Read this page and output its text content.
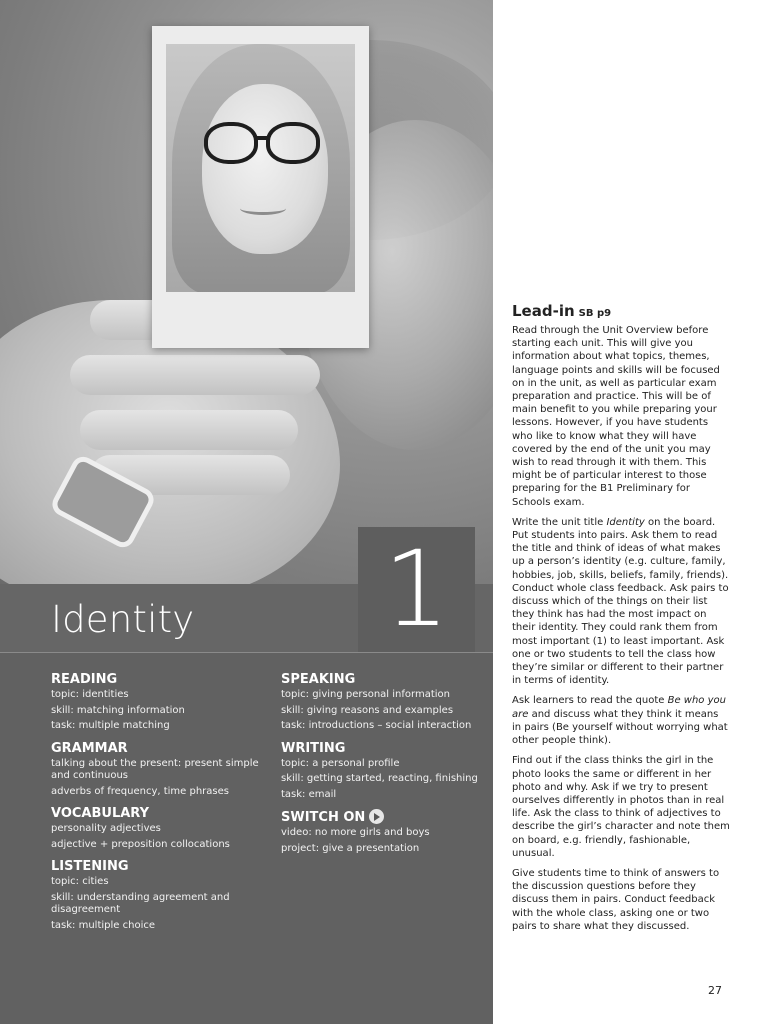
Identity 1
READING
topic: identities
skill: matching information
task: multiple matching
GRAMMAR
talking about the present: present simple and continuous
adverbs of frequency, time phrases
VOCABULARY
personality adjectives
adjective + preposition collocations
LISTENING
topic: cities
skill: understanding agreement and disagreement
task: multiple choice
SPEAKING
topic: giving personal information
skill: giving reasons and examples
task: introductions – social interaction
WRITING
topic: a personal profile
skill: getting started, reacting, finishing
task: email
SWITCH ON
video: no more girls and boys
project: give a presentation
Lead-in SB p9

Read through the Unit Overview before starting each unit. This will give you information about what topics, themes, language points and skills will be focused on in the unit, as well as particular exam preparation and practice. This will be of main benefit to you while preparing your lessons. However, if you have students who like to know what they will have covered by the end of the unit you may wish to read through it with them. This might be of particular interest to those preparing for the B1 Preliminary for Schools exam.

Write the unit title Identity on the board. Put students into pairs. Ask them to read the title and think of ideas of what makes up a person’s identity (e.g. culture, family, hobbies, job, skills, beliefs, family, friends). Conduct whole class feedback. Ask pairs to discuss which of the things on their list they think has had the most impact on their identity. They could rank them from most important (1) to least important. Ask one or two students to tell the class how they’re similar or different to their partner in terms of identity.

Ask learners to read the quote Be who you are and discuss what they think it means in pairs (Be yourself without worrying what other people think).

Find out if the class thinks the girl in the photo looks the same or different in her photo and why. Ask if we try to present ourselves differently in photos than in real life. Ask the class to think of adjectives to describe the girl’s character and note them on board, e.g. friendly, fashionable, unusual.

Give students time to think of answers to the discussion questions before they discuss them in pairs. Conduct feedback with the whole class, asking one or two pairs to share what they discussed.

27
